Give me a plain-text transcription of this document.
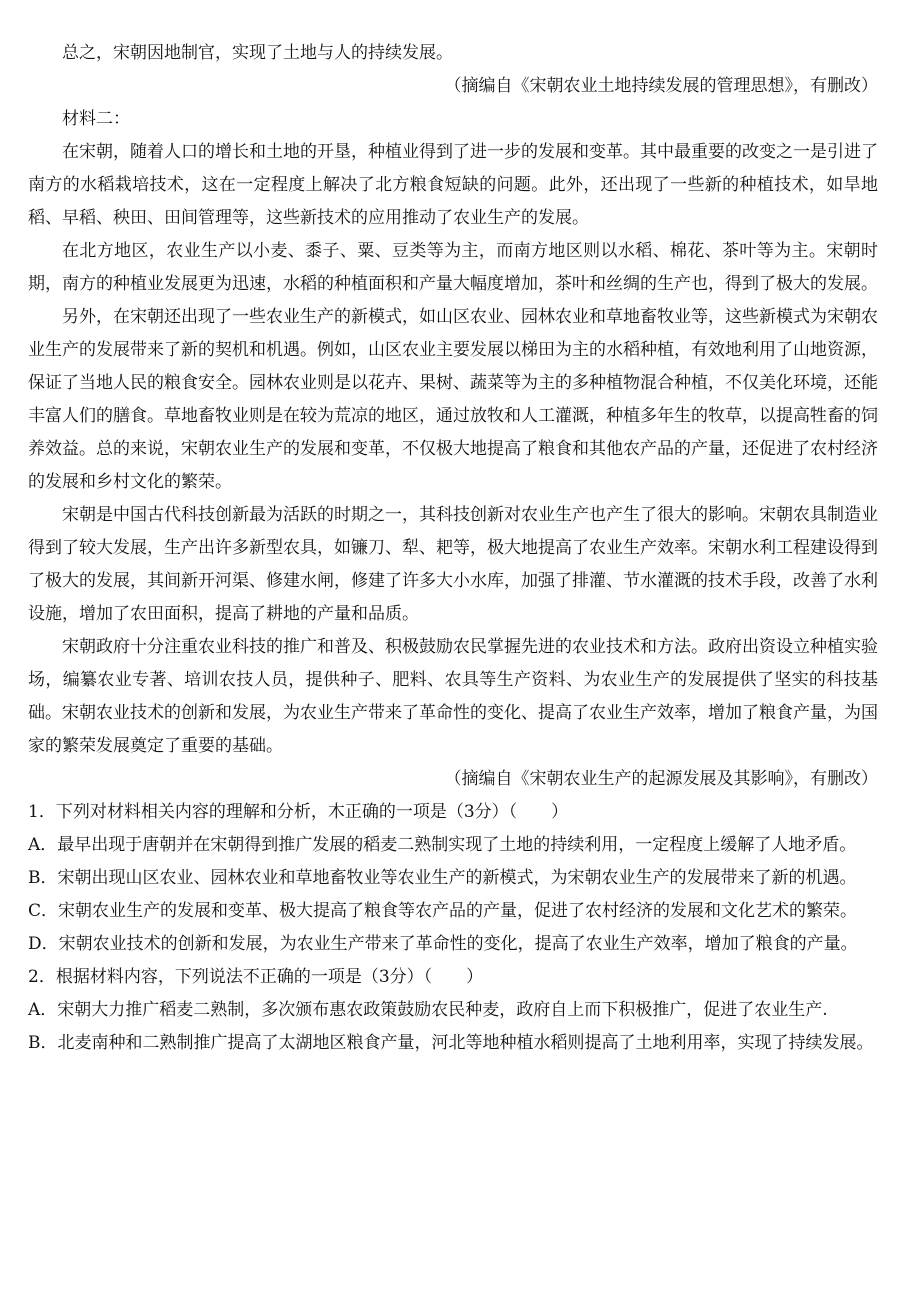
总之，宋朝因地制官，实现了土地与人的持续发展。

（摘编自《宋朝农业土地持续发展的管理思想》，有删改）

材料二：

在宋朝，随着人口的增长和土地的开垦，种植业得到了进一步的发展和变革。其中最重要的改变之一是引进了南方的水稻栽培技术，这在一定程度上解决了北方粮食短缺的问题。此外，还出现了一些新的种植技术，如旱地稻、早稻、秧田、田间管理等，这些新技术的应用推动了农业生产的发展。

在北方地区，农业生产以小麦、黍子、粟、豆类等为主，而南方地区则以水稻、棉花、茶叶等为主。宋朝时期，南方的种植业发展更为迅速，水稻的种植面积和产量大幅度增加，茶叶和丝绸的生产也，得到了极大的发展。

另外，在宋朝还出现了一些农业生产的新模式，如山区农业、园林农业和草地畜牧业等，这些新模式为宋朝农业生产的发展带来了新的契机和机遇。例如，山区农业主要发展以梯田为主的水稻种植，有效地利用了山地资源，保证了当地人民的粮食安全。园林农业则是以花卉、果树、蔬菜等为主的多种植物混合种植，不仅美化环境，还能丰富人们的膳食。草地畜牧业则是在较为荒凉的地区，通过放牧和人工灌溉，种植多年生的牧草，以提高牲畜的饲养效益。总的来说，宋朝农业生产的发展和变革，不仅极大地提高了粮食和其他农产品的产量，还促进了农村经济的发展和乡村文化的繁荣。

宋朝是中国古代科技创新最为活跃的时期之一，其科技创新对农业生产也产生了很大的影响。宋朝农具制造业得到了较大发展，生产出许多新型农具，如镰刀、犁、耙等，极大地提高了农业生产效率。宋朝水利工程建设得到了极大的发展，其间新开河渠、修建水闸，修建了许多大小水库，加强了排灌、节水灌溉的技术手段，改善了水利设施，增加了农田面积，提高了耕地的产量和品质。

宋朝政府十分注重农业科技的推广和普及、积极鼓励农民掌握先进的农业技术和方法。政府出资设立种植实验场，编纂农业专著、培训农技人员，提供种子、肥料、农具等生产资料、为农业生产的发展提供了坚实的科技基础。宋朝农业技术的创新和发展，为农业生产带来了革命性的变化、提高了农业生产效率，增加了粮食产量，为国家的繁荣发展奠定了重要的基础。

（摘编自《宋朝农业生产的起源发展及其影响》，有删改）

1．下列对材料相关内容的理解和分析，木正确的一项是（3分）（　　）

A．最早出现于唐朝并在宋朝得到推广发展的稻麦二熟制实现了土地的持续利用，一定程度上缓解了人地矛盾。

B．宋朝出现山区农业、园林农业和草地畜牧业等农业生产的新模式，为宋朝农业生产的发展带来了新的机遇。

C．宋朝农业生产的发展和变革、极大提高了粮食等农产品的产量，促进了农村经济的发展和文化艺术的繁荣。

D．宋朝农业技术的创新和发展，为农业生产带来了革命性的变化，提高了农业生产效率，增加了粮食的产量。

2．根据材料内容，下列说法不正确的一项是（3分）（　　）

A．宋朝大力推广稻麦二熟制，多次颁布惠农政策鼓励农民种麦，政府自上而下积极推广，促进了农业生产.

B．北麦南种和二熟制推广提高了太湖地区粮食产量，河北等地种植水稻则提高了土地利用率，实现了持续发展。
